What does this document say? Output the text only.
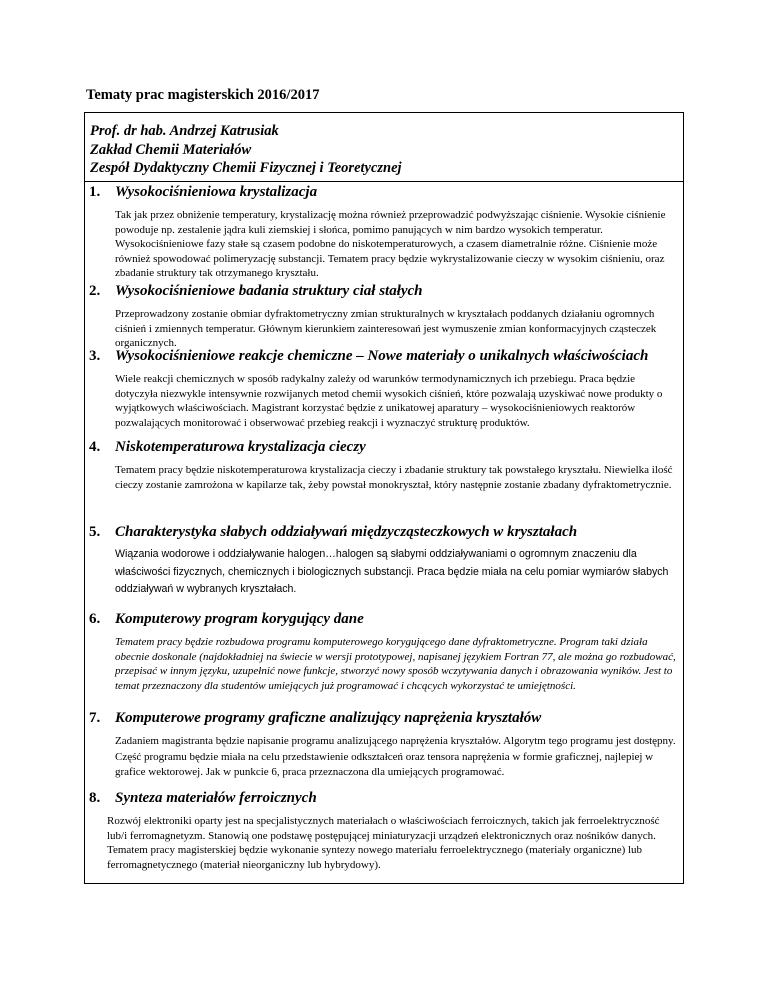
Tematy prac magisterskich 2016/2017
Prof. dr hab. Andrzej Katrusiak
Zakład Chemii Materiałów
Zespół Dydaktyczny Chemii Fizycznej i Teoretycznej
1. Wysokociśnieniowa krystalizacja
Tak jak przez obniżenie temperatury, krystalizację można również przeprowadzić podwyższając ciśnienie. Wysokie ciśnienie powoduje np. zestalenie jądra kuli ziemskiej i słońca, pomimo panujących w nim bardzo wysokich temperatur. Wysokociśnieniowe fazy stałe są czasem podobne do niskotemperaturowych, a czasem diametralnie różne. Ciśnienie może również spowodować polimeryzację substancji. Tematem pracy będzie wykrystalizowanie cieczy w wysokim ciśnieniu, oraz zbadanie struktury tak otrzymanego kryształu.
2. Wysokociśnieniowe badania struktury ciał stałych
Przeprowadzony zostanie obmiar dyfraktometryczny zmian strukturalnych w kryształach poddanych działaniu ogromnych ciśnień i zmiennych temperatur. Głównym kierunkiem zainteresowań jest wymuszenie zmian konformacyjnych cząsteczek organicznych.
3. Wysokociśnieniowe reakcje chemiczne – Nowe materiały o unikalnych właściwościach
Wiele reakcji chemicznych w sposób radykalny zależy od warunków termodynamicznych ich przebiegu. Praca będzie dotyczyła niezwykle intensywnie rozwijanych metod chemii wysokich ciśnień, które pozwalają uzyskiwać nowe produkty o wyjątkowych właściwościach. Magistrant korzystać będzie z unikatowej aparatury – wysokociśnieniowych reaktorów pozwalających monitorować i obserwować przebieg reakcji i wyznaczyć strukturę produktów.
4. Niskotemperaturowa krystalizacja cieczy
Tematem pracy będzie niskotemperaturowa krystalizacja cieczy i zbadanie struktury tak powstałego kryształu. Niewielka ilość cieczy zostanie zamrożona w kapilarze tak, żeby powstał monokryształ, który następnie zostanie zbadany dyfraktometrycznie.
5. Charakterystyka słabych oddziaływań międzycząsteczkowych w kryształach
Wiązania wodorowe i oddziaływanie halogen…halogen są słabymi oddziaływaniami o ogromnym znaczeniu dla właściwości fizycznych, chemicznych i biologicznych substancji. Praca będzie miała na celu pomiar wymiarów słabych oddziaływań w wybranych kryształach.
6. Komputerowy program korygujący dane
Tematem pracy będzie rozbudowa programu komputerowego korygującego dane dyfraktometryczne. Program taki działa obecnie doskonale (najdokładniej na świecie w wersji prototypowej, napisanej językiem Fortran 77, ale można go rozbudować, przepisać w innym języku, uzupełnić nowe funkcje, stworzyć nowy sposób wczytywania danych i obrazowania wyników. Jest to temat przeznaczony dla studentów umiejących już programować i chcących wykorzystać te umiejętności.
7. Komputerowe programy graficzne analizujący naprężenia kryształów
Zadaniem magistranta będzie napisanie programu analizującego naprężenia kryształów. Algorytm tego programu jest dostępny. Część programu będzie miała na celu przedstawienie odkształceń oraz tensora naprężenia w formie graficznej, najlepiej w grafice wektorowej. Jak w punkcie 6, praca przeznaczona dla umiejących programować.
8. Synteza materiałów ferroicznych
Rozwój elektroniki oparty jest na specjalistycznych materiałach o właściwościach ferroicznych, takich jak ferroelektryczność lub/i ferromagnetyzm. Stanowią one podstawę postępującej miniaturyzacji urządzeń elektronicznych oraz nośników danych. Tematem pracy magisterskiej będzie wykonanie syntezy nowego materiału ferroelektrycznego (materiały organiczne) lub ferromagnetycznego (materiał nieorganiczny lub hybrydowy).
